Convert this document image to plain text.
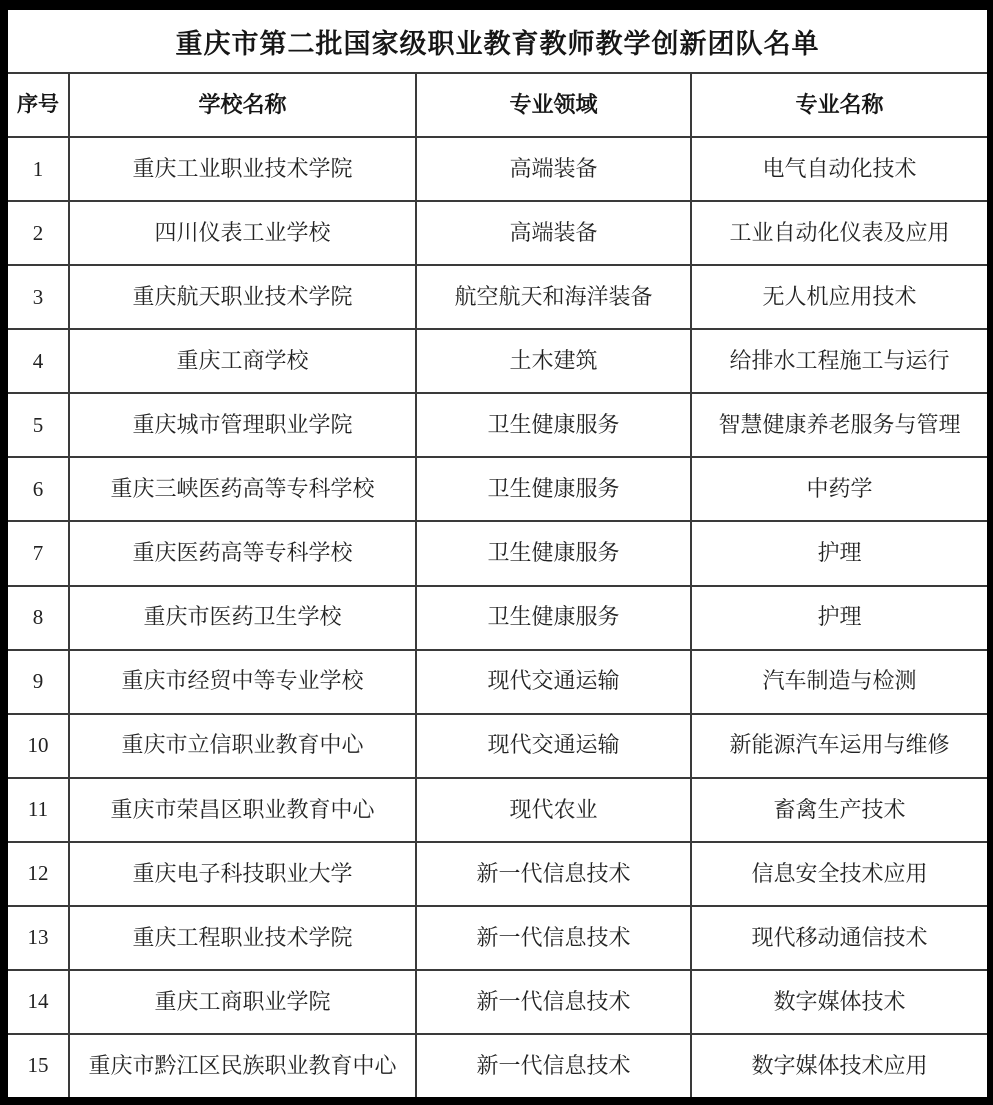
重庆市第二批国家级职业教育教师教学创新团队名单
序号	学校名称	专业领域	专业名称
1	重庆工业职业技术学院	高端装备	电气自动化技术
2	四川仪表工业学校	高端装备	工业自动化仪表及应用
3	重庆航天职业技术学院	航空航天和海洋装备	无人机应用技术
4	重庆工商学校	土木建筑	给排水工程施工与运行
5	重庆城市管理职业学院	卫生健康服务	智慧健康养老服务与管理
6	重庆三峡医药高等专科学校	卫生健康服务	中药学
7	重庆医药高等专科学校	卫生健康服务	护理
8	重庆市医药卫生学校	卫生健康服务	护理
9	重庆市经贸中等专业学校	现代交通运输	汽车制造与检测
10	重庆市立信职业教育中心	现代交通运输	新能源汽车运用与维修
11	重庆市荣昌区职业教育中心	现代农业	畜禽生产技术
12	重庆电子科技职业大学	新一代信息技术	信息安全技术应用
13	重庆工程职业技术学院	新一代信息技术	现代移动通信技术
14	重庆工商职业学院	新一代信息技术	数字媒体技术
15	重庆市黔江区民族职业教育中心	新一代信息技术	数字媒体技术应用
